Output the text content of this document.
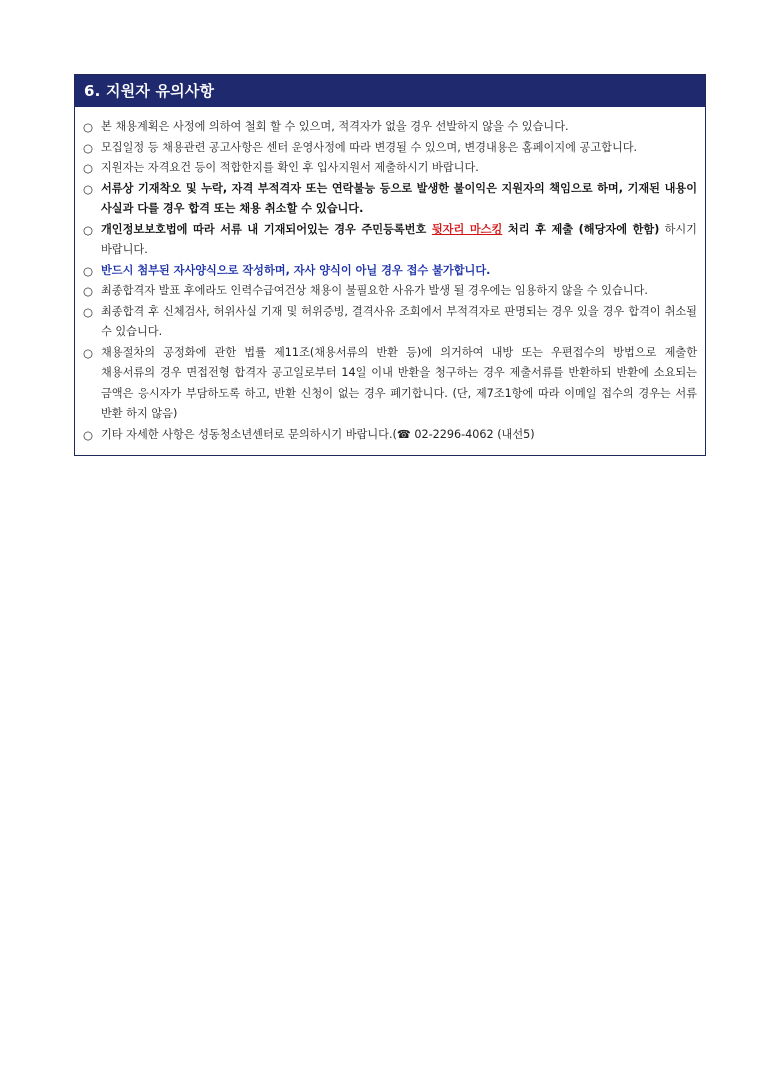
6. 지원자 유의사항
○ 본 채용계획은 사정에 의하여 철회 할 수 있으며, 적격자가 없을 경우 선발하지 않을 수 있습니다.
○ 모집일정 등 채용관련 공고사항은 센터 운영사정에 따라 변경될 수 있으며, 변경내용은 홈페이지에 공고합니다.
○ 지원자는 자격요건 등이 적합한지를 확인 후 입사지원서 제출하시기 바랍니다.
○ 서류상 기재착오 및 누락, 자격 부적격자 또는 연락불능 등으로 발생한 불이익은 지원자의 책임으로 하며, 기재된 내용이 사실과 다를 경우 합격 또는 채용 취소할 수 있습니다.
○ 개인정보보호법에 따라 서류 내 기재되어있는 경우 주민등록번호 뒷자리 마스킹 처리 후 제출 (해당자에 한함) 하시기 바랍니다.
○ 반드시 첨부된 자사양식으로 작성하며, 자사 양식이 아닐 경우 접수 불가합니다.
○ 최종합격자 발표 후에라도 인력수급여건상 채용이 불필요한 사유가 발생 될 경우에는 임용하지 않을 수 있습니다.
○ 최종합격 후 신체검사, 허위사실 기재 및 허위증빙, 결격사유 조회에서 부적격자로 판명되는 경우 있을 경우 합격이 취소될 수 있습니다.
○ 채용절차의 공정화에 관한 법률 제11조(채용서류의 반환 등)에 의거하여 내방 또는 우편접수의 방법으로 제출한 채용서류의 경우 면접전형 합격자 공고일로부터 14일 이내 반환을 청구하는 경우 제출서류를 반환하되 반환에 소요되는 금액은 응시자가 부담하도록 하고, 반환 신청이 없는 경우 폐기합니다. (단, 제7조1항에 따라 이메일 접수의 경우는 서류 반환 하지 않음)
○ 기타 자세한 사항은 성동청소년센터로 문의하시기 바랍니다.(☎ 02-2296-4062 (내선5)
